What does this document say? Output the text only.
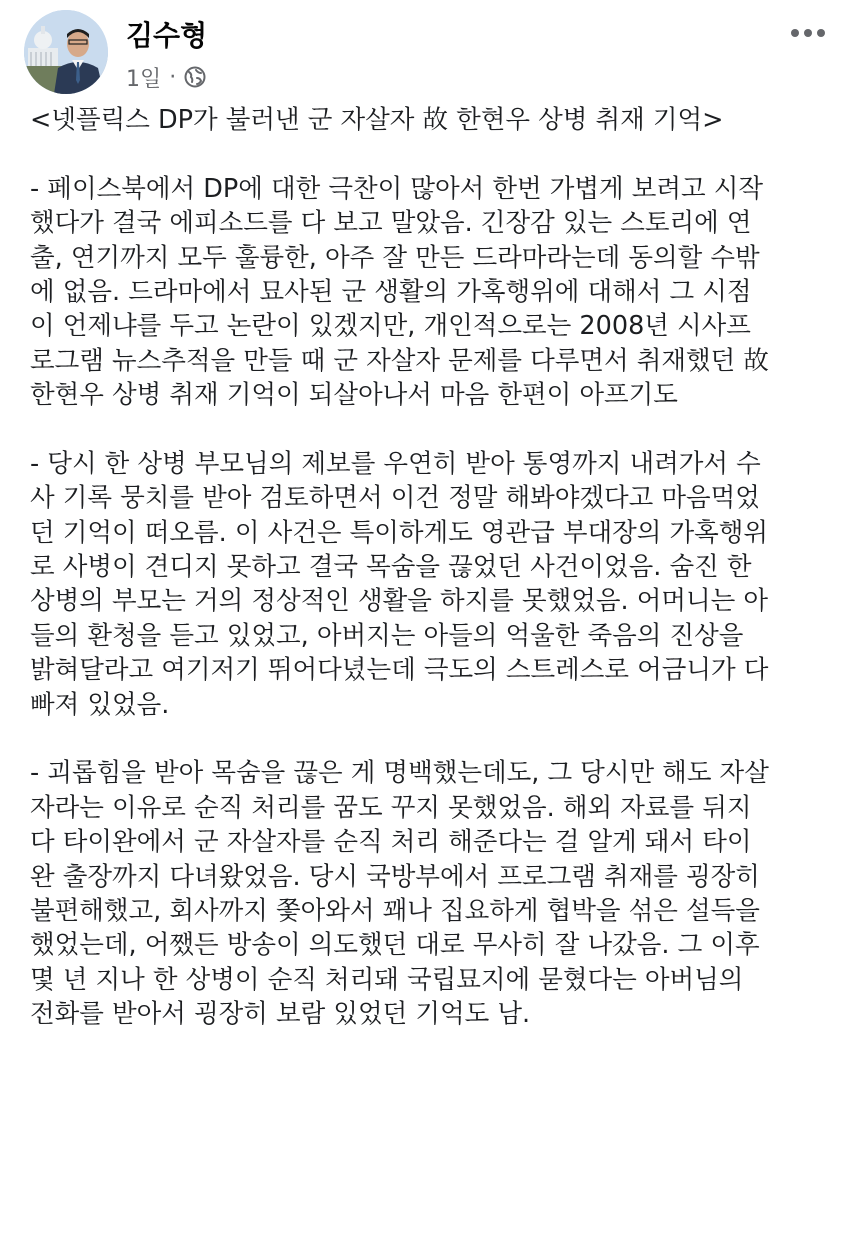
김수형
1일 ·
<넷플릭스 DP가 불러낸 군 자살자 故 한현우 상병 취재 기억>
- 페이스북에서 DP에 대한 극찬이 많아서 한번 가볍게 보려고 시작
했다가 결국 에피소드를 다 보고 말았음. 긴장감 있는 스토리에 연
출, 연기까지 모두 훌륭한, 아주 잘 만든 드라마라는데 동의할 수밖
에 없음. 드라마에서 묘사된 군 생활의 가혹행위에 대해서 그 시점
이 언제냐를 두고 논란이 있겠지만, 개인적으로는 2008년 시사프
로그램 뉴스추적을 만들 때 군 자살자 문제를 다루면서 취재했던 故
한현우 상병 취재 기억이 되살아나서 마음 한편이 아프기도
- 당시 한 상병 부모님의 제보를 우연히 받아 통영까지 내려가서 수
사 기록 뭉치를 받아 검토하면서 이건 정말 해봐야겠다고 마음먹었
던 기억이 떠오름. 이 사건은 특이하게도 영관급 부대장의 가혹행위
로 사병이 견디지 못하고 결국 목숨을 끊었던 사건이었음. 숨진 한
상병의 부모는 거의 정상적인 생활을 하지를 못했었음. 어머니는 아
들의 환청을 듣고 있었고, 아버지는 아들의 억울한 죽음의 진상을
밝혀달라고 여기저기 뛰어다녔는데 극도의 스트레스로 어금니가 다
빠져 있었음.
- 괴롭힘을 받아 목숨을 끊은 게 명백했는데도, 그 당시만 해도 자살
자라는 이유로 순직 처리를 꿈도 꾸지 못했었음. 해외 자료를 뒤지
다 타이완에서 군 자살자를 순직 처리 해준다는 걸 알게 돼서 타이
완 출장까지 다녀왔었음. 당시 국방부에서 프로그램 취재를 굉장히
불편해했고, 회사까지 쫓아와서 꽤나 집요하게 협박을 섞은 설득을
했었는데, 어쨌든 방송이 의도했던 대로 무사히 잘 나갔음. 그 이후
몇 년 지나 한 상병이 순직 처리돼 국립묘지에 묻혔다는 아버님의
전화를 받아서 굉장히 보람 있었던 기억도 남.
